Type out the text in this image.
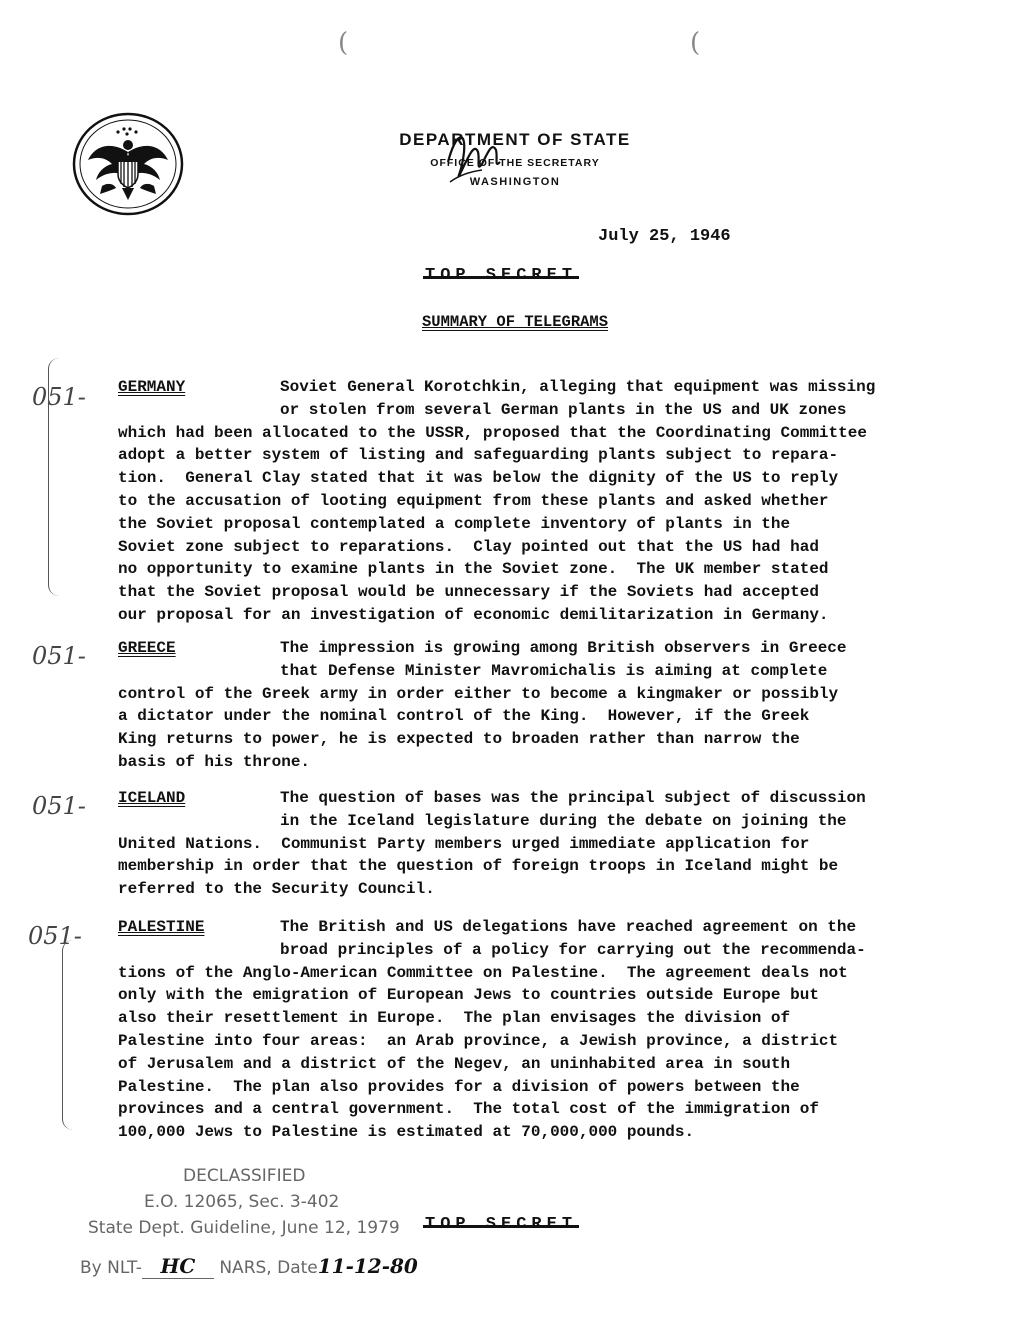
DEPARTMENT OF STATE
OFFICE OF THE SECRETARY
WASHINGTON
(	(
July 25, 1946
SUMMARY OF TELEGRAMS
051- GERMANY	Soviet General Korotchkin, alleging that equipment was missing

or stolen from several German plants in the US and UK zones

which had been allocated to the USSR, proposed that the Coordinating Committee

adopt a better system of listing and safeguarding plants subject to repara-

tion.  General Clay stated that it was below the dignity of the US to reply

to the accusation of looting equipment from these plants and asked whether

the Soviet proposal contemplated a complete inventory of plants in the

Soviet zone subject to reparations.  Clay pointed out that the US had had

no opportunity to examine plants in the Soviet zone.  The UK member stated

that the Soviet proposal would be unnecessary if the Soviets had accepted

our proposal for an investigation of economic demilitarization in Germany.

051- GREECE	The impression is growing among British observers in Greece

that Defense Minister Mavromichalis is aiming at complete

control of the Greek army in order either to become a kingmaker or possibly

a dictator under the nominal control of the King.  However, if the Greek

King returns to power, he is expected to broaden rather than narrow the

basis of his throne.

051- ICELAND	The question of bases was the principal subject of discussion

in the Iceland legislature during the debate on joining the

United Nations.  Communist Party members urged immediate application for

membership in order that the question of foreign troops in Iceland might be

referred to the Security Council.

051- PALESTINE	The British and US delegations have reached agreement on the

broad principles of a policy for carrying out the recommenda-

tions of the Anglo-American Committee on Palestine.  The agreement deals not

only with the emigration of European Jews to countries outside Europe but

also their resettlement in Europe.  The plan envisages the division of

Palestine into four areas:  an Arab province, a Jewish province, a district

of Jerusalem and a district of the Negev, an uninhabited area in south

Palestine.  The plan also provides for a division of powers between the

provinces and a central government.  The total cost of the immigration of

100,000 Jews to Palestine is estimated at 70,000,000 pounds.

DECLASSIFIED
E.O. 12065, Sec. 3-402
State Dept. Guideline, June 12, 1979
By NLT- HC NARS, Date11-12-80
